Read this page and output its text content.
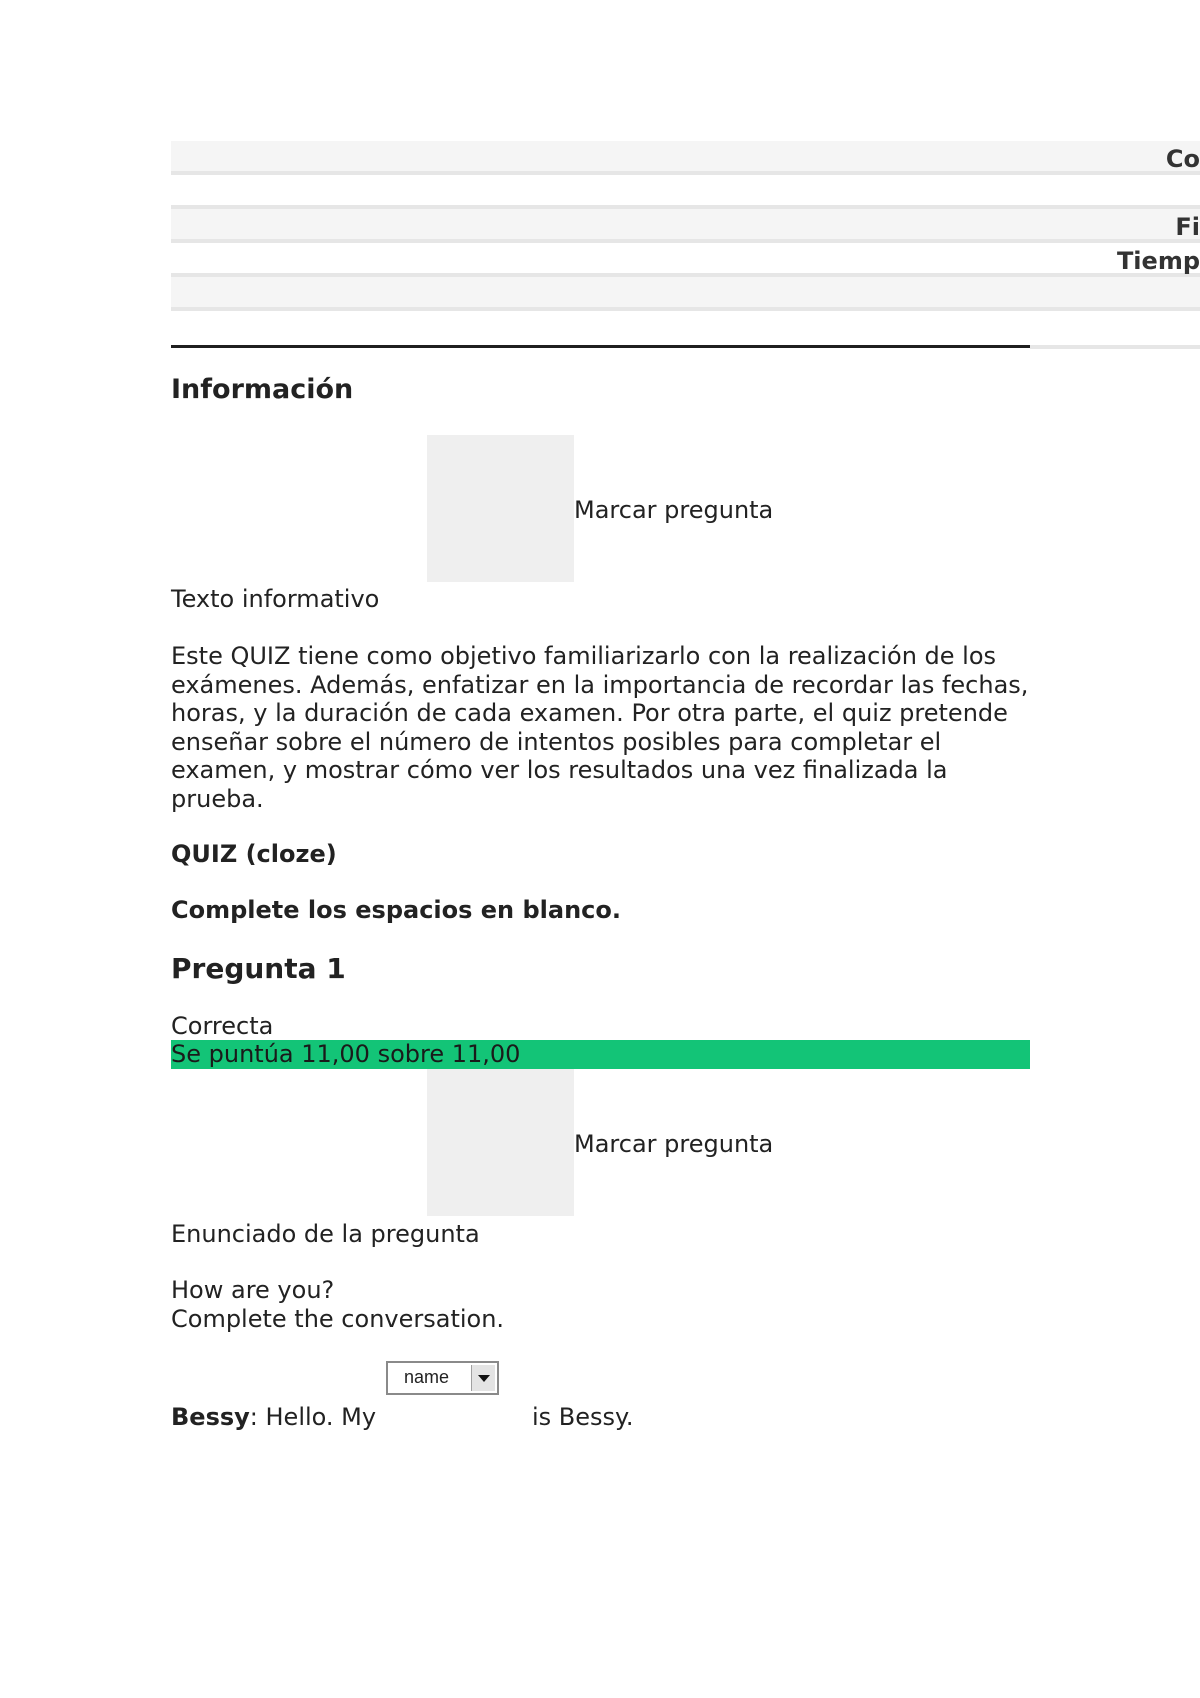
Co
Fi
Tiemp
Información
Marcar pregunta
Texto informativo

Este QUIZ tiene como objetivo familiarizarlo con la realización de los exámenes. Además, enfatizar en la importancia de recordar las fechas, horas, y la duración de cada examen. Por otra parte, el quiz pretende enseñar sobre el número de intentos posibles para completar el examen, y mostrar cómo ver los resultados una vez finalizada la prueba.

QUIZ (cloze)
Complete los espacios en blanco.
Pregunta 1
Correcta
Se puntúa 11,00 sobre 11,00
Marcar pregunta
Enunciado de la pregunta
How are you?
Complete the conversation.
name
Bessy: Hello. My	is Bessy.
